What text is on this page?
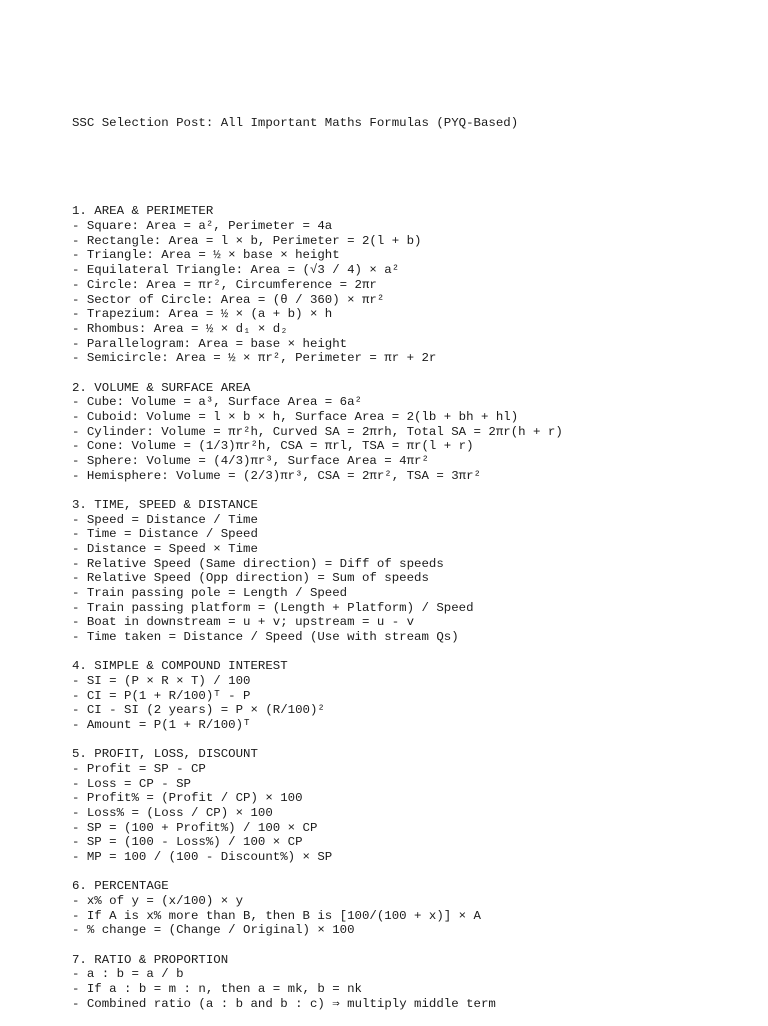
SSC Selection Post: All Important Maths Formulas (PYQ-Based)

1. AREA & PERIMETER
- Square: Area = a², Perimeter = 4a
- Rectangle: Area = l × b, Perimeter = 2(l + b)
- Triangle: Area = ½ × base × height
- Equilateral Triangle: Area = (√3 / 4) × a²
- Circle: Area = πr², Circumference = 2πr
- Sector of Circle: Area = (θ / 360) × πr²
- Trapezium: Area = ½ × (a + b) × h
- Rhombus: Area = ½ × d₁ × d₂
- Parallelogram: Area = base × height
- Semicircle: Area = ½ × πr², Perimeter = πr + 2r
2. VOLUME & SURFACE AREA
- Cube: Volume = a³, Surface Area = 6a²
- Cuboid: Volume = l × b × h, Surface Area = 2(lb + bh + hl)
- Cylinder: Volume = πr²h, Curved SA = 2πrh, Total SA = 2πr(h + r)
- Cone: Volume = (1/3)πr²h, CSA = πrl, TSA = πr(l + r)
- Sphere: Volume = (4/3)πr³, Surface Area = 4πr²
- Hemisphere: Volume = (2/3)πr³, CSA = 2πr², TSA = 3πr²
3. TIME, SPEED & DISTANCE
- Speed = Distance / Time
- Time = Distance / Speed
- Distance = Speed × Time
- Relative Speed (Same direction) = Diff of speeds
- Relative Speed (Opp direction) = Sum of speeds
- Train passing pole = Length / Speed
- Train passing platform = (Length + Platform) / Speed
- Boat in downstream = u + v; upstream = u - v
- Time taken = Distance / Speed (Use with stream Qs)
4. SIMPLE & COMPOUND INTEREST
- SI = (P × R × T) / 100
- CI = P(1 + R/100)ᵀ - P
- CI - SI (2 years) = P × (R/100)²
- Amount = P(1 + R/100)ᵀ
5. PROFIT, LOSS, DISCOUNT
- Profit = SP - CP
- Loss = CP - SP
- Profit% = (Profit / CP) × 100
- Loss% = (Loss / CP) × 100
- SP = (100 + Profit%) / 100 × CP
- SP = (100 - Loss%) / 100 × CP
- MP = 100 / (100 - Discount%) × SP
6. PERCENTAGE
- x% of y = (x/100) × y
- If A is x% more than B, then B is [100/(100 + x)] × A
- % change = (Change / Original) × 100
7. RATIO & PROPORTION
- a : b = a / b
- If a : b = m : n, then a = mk, b = nk
- Combined ratio (a : b and b : c) ⇒ multiply middle term
